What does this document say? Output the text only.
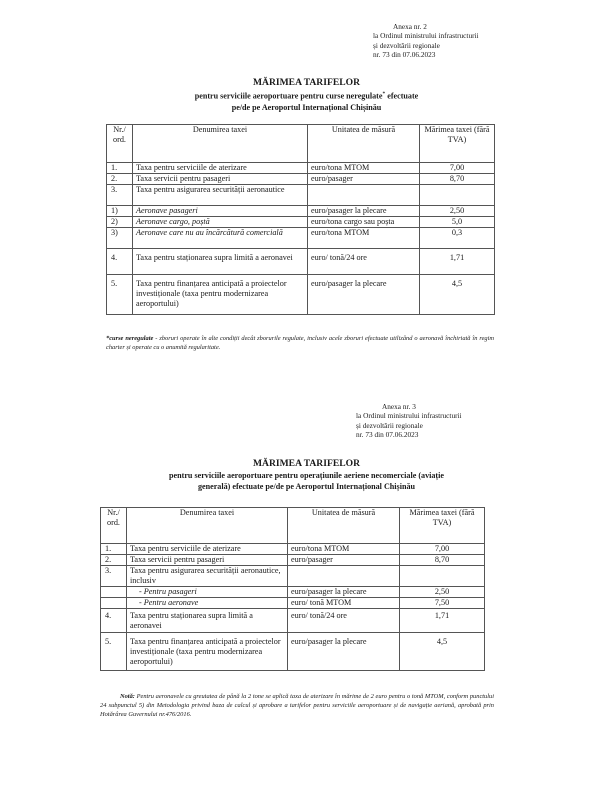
Anexa nr. 2
la Ordinul ministrului infrastructurii
și dezvoltării regionale
nr. 73 din 07.06.2023
MĂRIMEA TARIFELOR
pentru serviciile aeroportuare pentru curse neregulate* efectuate
pe/de pe Aeroportul Internațional Chișinău
Nr./ ord.	Denumirea taxei	Unitatea de măsură	Mărimea taxei (fără TVA)
1.	Taxa pentru serviciile de aterizare	euro/tona MTOM	7,00
2.	Taxa servicii pentru pasageri	euro/pasager	8,70
3.	Taxa pentru asigurarea securității aeronautice		
1)	Aeronave pasageri	euro/pasager la plecare	2,50
2)	Aeronave cargo, poștă	euro/tona cargo sau poșta	5,0
3)	Aeronave care nu au încărcătură comercială	euro/tona MTOM	0,3
4.	Taxa pentru staționarea supra limită a aeronavei	euro/ tonă/24 ore	1,71
5.	Taxa pentru finanțarea anticipată a proiectelor investiționale (taxa pentru modernizarea aeroportului)	euro/pasager la plecare	4,5
*curse neregulate - zboruri operate în alte condiții decât zborurile regulate, inclusiv acele zboruri efectuate utilizând o aeronavă închiriată în regim charter și operate cu o anumită regularitate.
Anexa nr. 3
la Ordinul ministrului infrastructurii
și dezvoltării regionale
nr. 73 din 07.06.2023
MĂRIMEA TARIFELOR
pentru serviciile aeroportuare pentru operațiunile aeriene necomerciale (aviație
generală) efectuate pe/de pe Aeroportul Internațional Chișinău
Nr./ ord.	Denumirea taxei	Unitatea de măsură	Mărimea taxei (fără TVA)
1.	Taxa pentru serviciile de aterizare	euro/tona MTOM	7,00
2.	Taxa servicii pentru pasageri	euro/pasager	8,70
3.	Taxa pentru asigurarea securității aeronautice, inclusiv		
	- Pentru pasageri	euro/pasager la plecare	2,50
	- Pentru aeronave	euro/ tonă MTOM	7,50
4.	Taxa pentru staționarea supra limită a aeronavei	euro/ tonă/24 ore	1,71
5.	Taxa pentru finanțarea anticipată a proiectelor investiționale (taxa pentru modernizarea aeroportului)	euro/pasager la plecare	4,5
Notă: Pentru aeronavele cu greutatea de până la 2 tone se aplică taxa de aterizare în mărime de 2 euro pentru o tonă MTOM, conform punctului 24 subpunctul 5) din Metodologia privind baza de calcul și aprobare a tarifelor pentru serviciile aeroportuare și de navigație aeriană, aprobată prin Hotărârea Guvernului nr.476/2016.
